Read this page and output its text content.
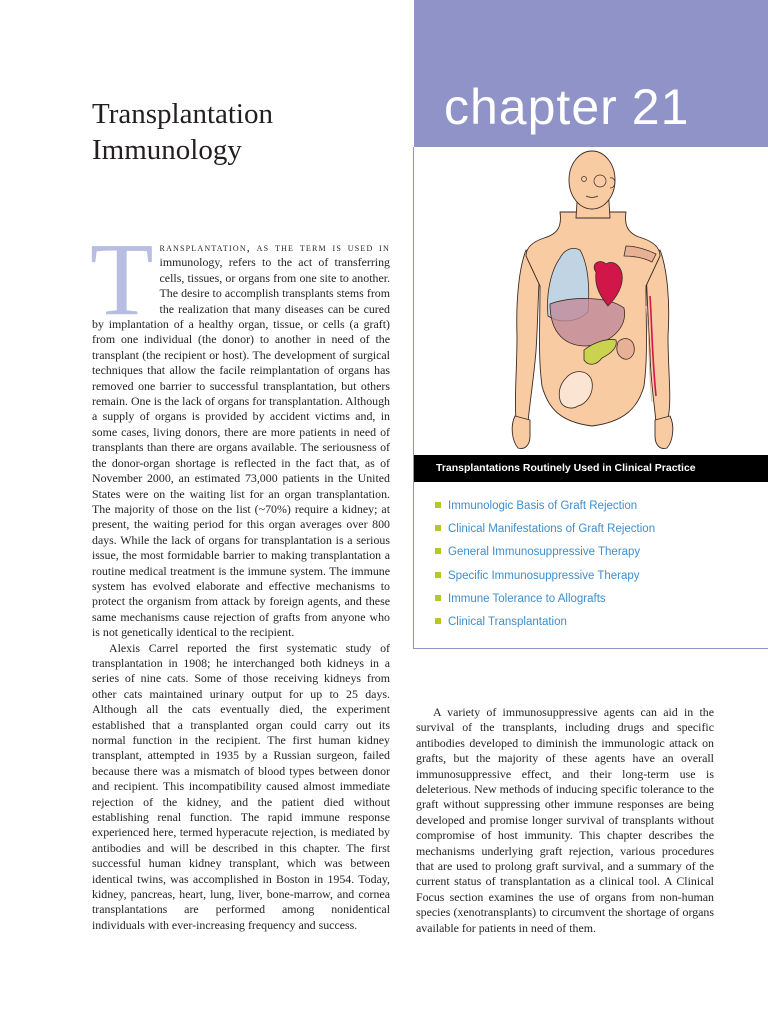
chapter 21
Transplantation
Immunology
Transplantations Routinely Used in Clinical Practice
Immunologic Basis of Graft Rejection
Clinical Manifestations of Graft Rejection
General Immunosuppressive Therapy
Specific Immunosuppressive Therapy
Immune Tolerance to Allografts
Clinical Transplantation

Transplantation, as the term is used in immunology, refers to the act of transferring cells, tissues, or organs from one site to another. The desire to accomplish transplants stems from the realization that many diseases can be cured by implantation of a healthy organ, tissue, or cells (a graft) from one individual (the donor) to another in need of the transplant (the recipient or host). The development of surgical techniques that allow the facile reimplantation of organs has removed one barrier to successful transplantation, but others remain. One is the lack of organs for transplantation. Although a supply of organs is provided by accident victims and, in some cases, living donors, there are more patients in need of transplants than there are organs available. The seriousness of the donor-organ shortage is reflected in the fact that, as of November 2000, an estimated 73,000 patients in the United States were on the waiting list for an organ transplantation. The majority of those on the list (~70%) require a kidney; at present, the waiting period for this organ averages over 800 days. While the lack of organs for transplantation is a serious issue, the most formidable barrier to making transplantation a routine medical treatment is the immune system. The immune system has evolved elaborate and effective mechanisms to protect the organism from attack by foreign agents, and these same mechanisms cause rejection of grafts from anyone who is not genetically identical to the recipient.

Alexis Carrel reported the first systematic study of transplantation in 1908; he interchanged both kidneys in a series of nine cats. Some of those receiving kidneys from other cats maintained urinary output for up to 25 days. Although all the cats eventually died, the experiment established that a transplanted organ could carry out its normal function in the recipient. The first human kidney transplant, attempted in 1935 by a Russian surgeon, failed because there was a mismatch of blood types between donor and recipient. This incompatibility caused almost immediate rejection of the kidney, and the patient died without establishing renal function. The rapid immune response experienced here, termed hyperacute rejection, is mediated by antibodies and will be described in this chapter. The first successful human kidney transplant, which was between identical twins, was accomplished in Boston in 1954. Today, kidney, pancreas, heart, lung, liver, bone-marrow, and cornea transplantations are performed among nonidentical individuals with ever-increasing frequency and success.

A variety of immunosuppressive agents can aid in the survival of the transplants, including drugs and specific antibodies developed to diminish the immunologic attack on grafts, but the majority of these agents have an overall immunosuppressive effect, and their long-term use is deleterious. New methods of inducing specific tolerance to the graft without suppressing other immune responses are being developed and promise longer survival of transplants without compromise of host immunity. This chapter describes the mechanisms underlying graft rejection, various procedures that are used to prolong graft survival, and a summary of the current status of transplantation as a clinical tool. A Clinical Focus section examines the use of organs from non-human species (xenotransplants) to circumvent the shortage of organs available for patients in need of them.
